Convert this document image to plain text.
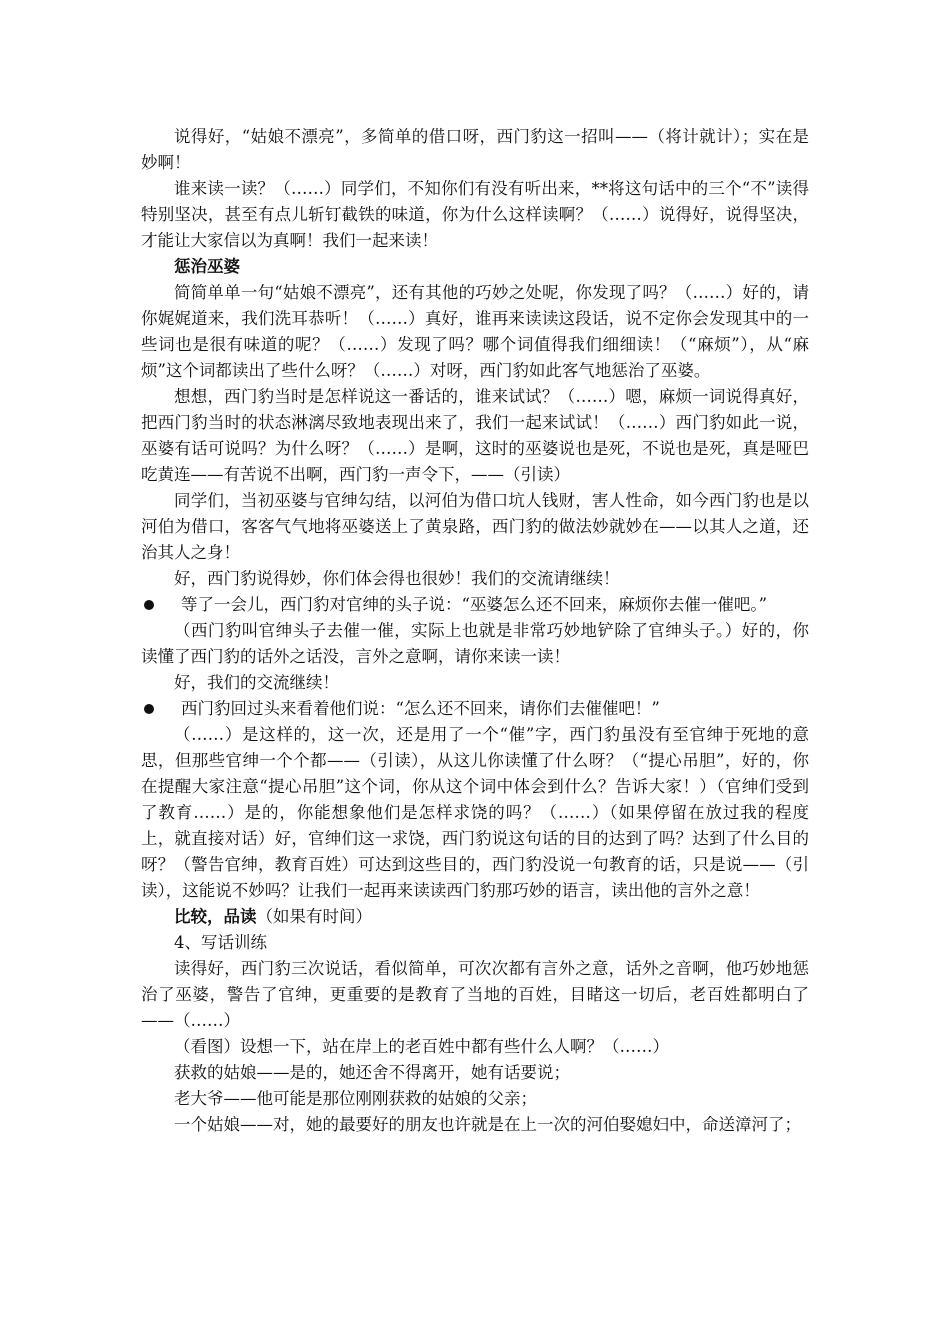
说得好，“姑娘不漂亮”，多简单的借口呀，西门豹这一招叫——（将计就计）；实在是妙啊！

谁来读一读？（……）同学们，不知你们有没有听出来，**将这句话中的三个“不”读得特别坚决，甚至有点儿斩钉截铁的味道，你为什么这样读啊？（……）说得好，说得坚决，才能让大家信以为真啊！我们一起来读！

惩治巫婆

简简单单一句“姑娘不漂亮”，还有其他的巧妙之处呢，你发现了吗？（……）好的，请你娓娓道来，我们洗耳恭听！（……）真好，谁再来读读这段话，说不定你会发现其中的一些词也是很有味道的呢？（……）发现了吗？哪个词值得我们细细读！（“麻烦”），从“麻烦”这个词都读出了些什么呀？（……）对呀，西门豹如此客气地惩治了巫婆。

想想，西门豹当时是怎样说这一番话的，谁来试试？（……）嗯，麻烦一词说得真好，把西门豹当时的状态淋漓尽致地表现出来了，我们一起来试试！（……）西门豹如此一说，巫婆有话可说吗？为什么呀？（……）是啊，这时的巫婆说也是死，不说也是死，真是哑巴吃黄连——有苦说不出啊，西门豹一声令下，——（引读）

同学们，当初巫婆与官绅勾结，以河伯为借口坑人钱财，害人性命，如今西门豹也是以河伯为借口，客客气气地将巫婆送上了黄泉路，西门豹的做法妙就妙在——以其人之道，还治其人之身！

好，西门豹说得妙，你们体会得也很妙！我们的交流请继续！

等了一会儿，西门豹对官绅的头子说：“巫婆怎么还不回来，麻烦你去催一催吧。”

（西门豹叫官绅头子去催一催，实际上也就是非常巧妙地铲除了官绅头子。）好的，你读懂了西门豹的话外之话没，言外之意啊，请你来读一读！

好，我们的交流继续！

西门豹回过头来看着他们说：“怎么还不回来，请你们去催催吧！”

（……）是这样的，这一次，还是用了一个“催”字，西门豹虽没有至官绅于死地的意思，但那些官绅一个个都——（引读），从这儿你读懂了什么呀？（“提心吊胆”，好的，你在提醒大家注意“提心吊胆”这个词，你从这个词中体会到什么？告诉大家！）（官绅们受到了教育……）是的，你能想象他们是怎样求饶的吗？（……）（如果停留在放过我的程度上，就直接对话）好，官绅们这一求饶，西门豹说这句话的目的达到了吗？达到了什么目的呀？（警告官绅，教育百姓）可达到这些目的，西门豹没说一句教育的话，只是说——（引读），这能说不妙吗？让我们一起再来读读西门豹那巧妙的语言，读出他的言外之意！

比较，品读（如果有时间）

4、写话训练

读得好，西门豹三次说话，看似简单，可次次都有言外之意，话外之音啊，他巧妙地惩治了巫婆，警告了官绅，更重要的是教育了当地的百姓，目睹这一切后，老百姓都明白了——（……）

（看图）设想一下，站在岸上的老百姓中都有些什么人啊？（……）

获救的姑娘——是的，她还舍不得离开，她有话要说；

老大爷——他可能是那位刚刚获救的姑娘的父亲；

一个姑娘——对，她的最要好的朋友也许就是在上一次的河伯娶媳妇中，命送漳河了；
